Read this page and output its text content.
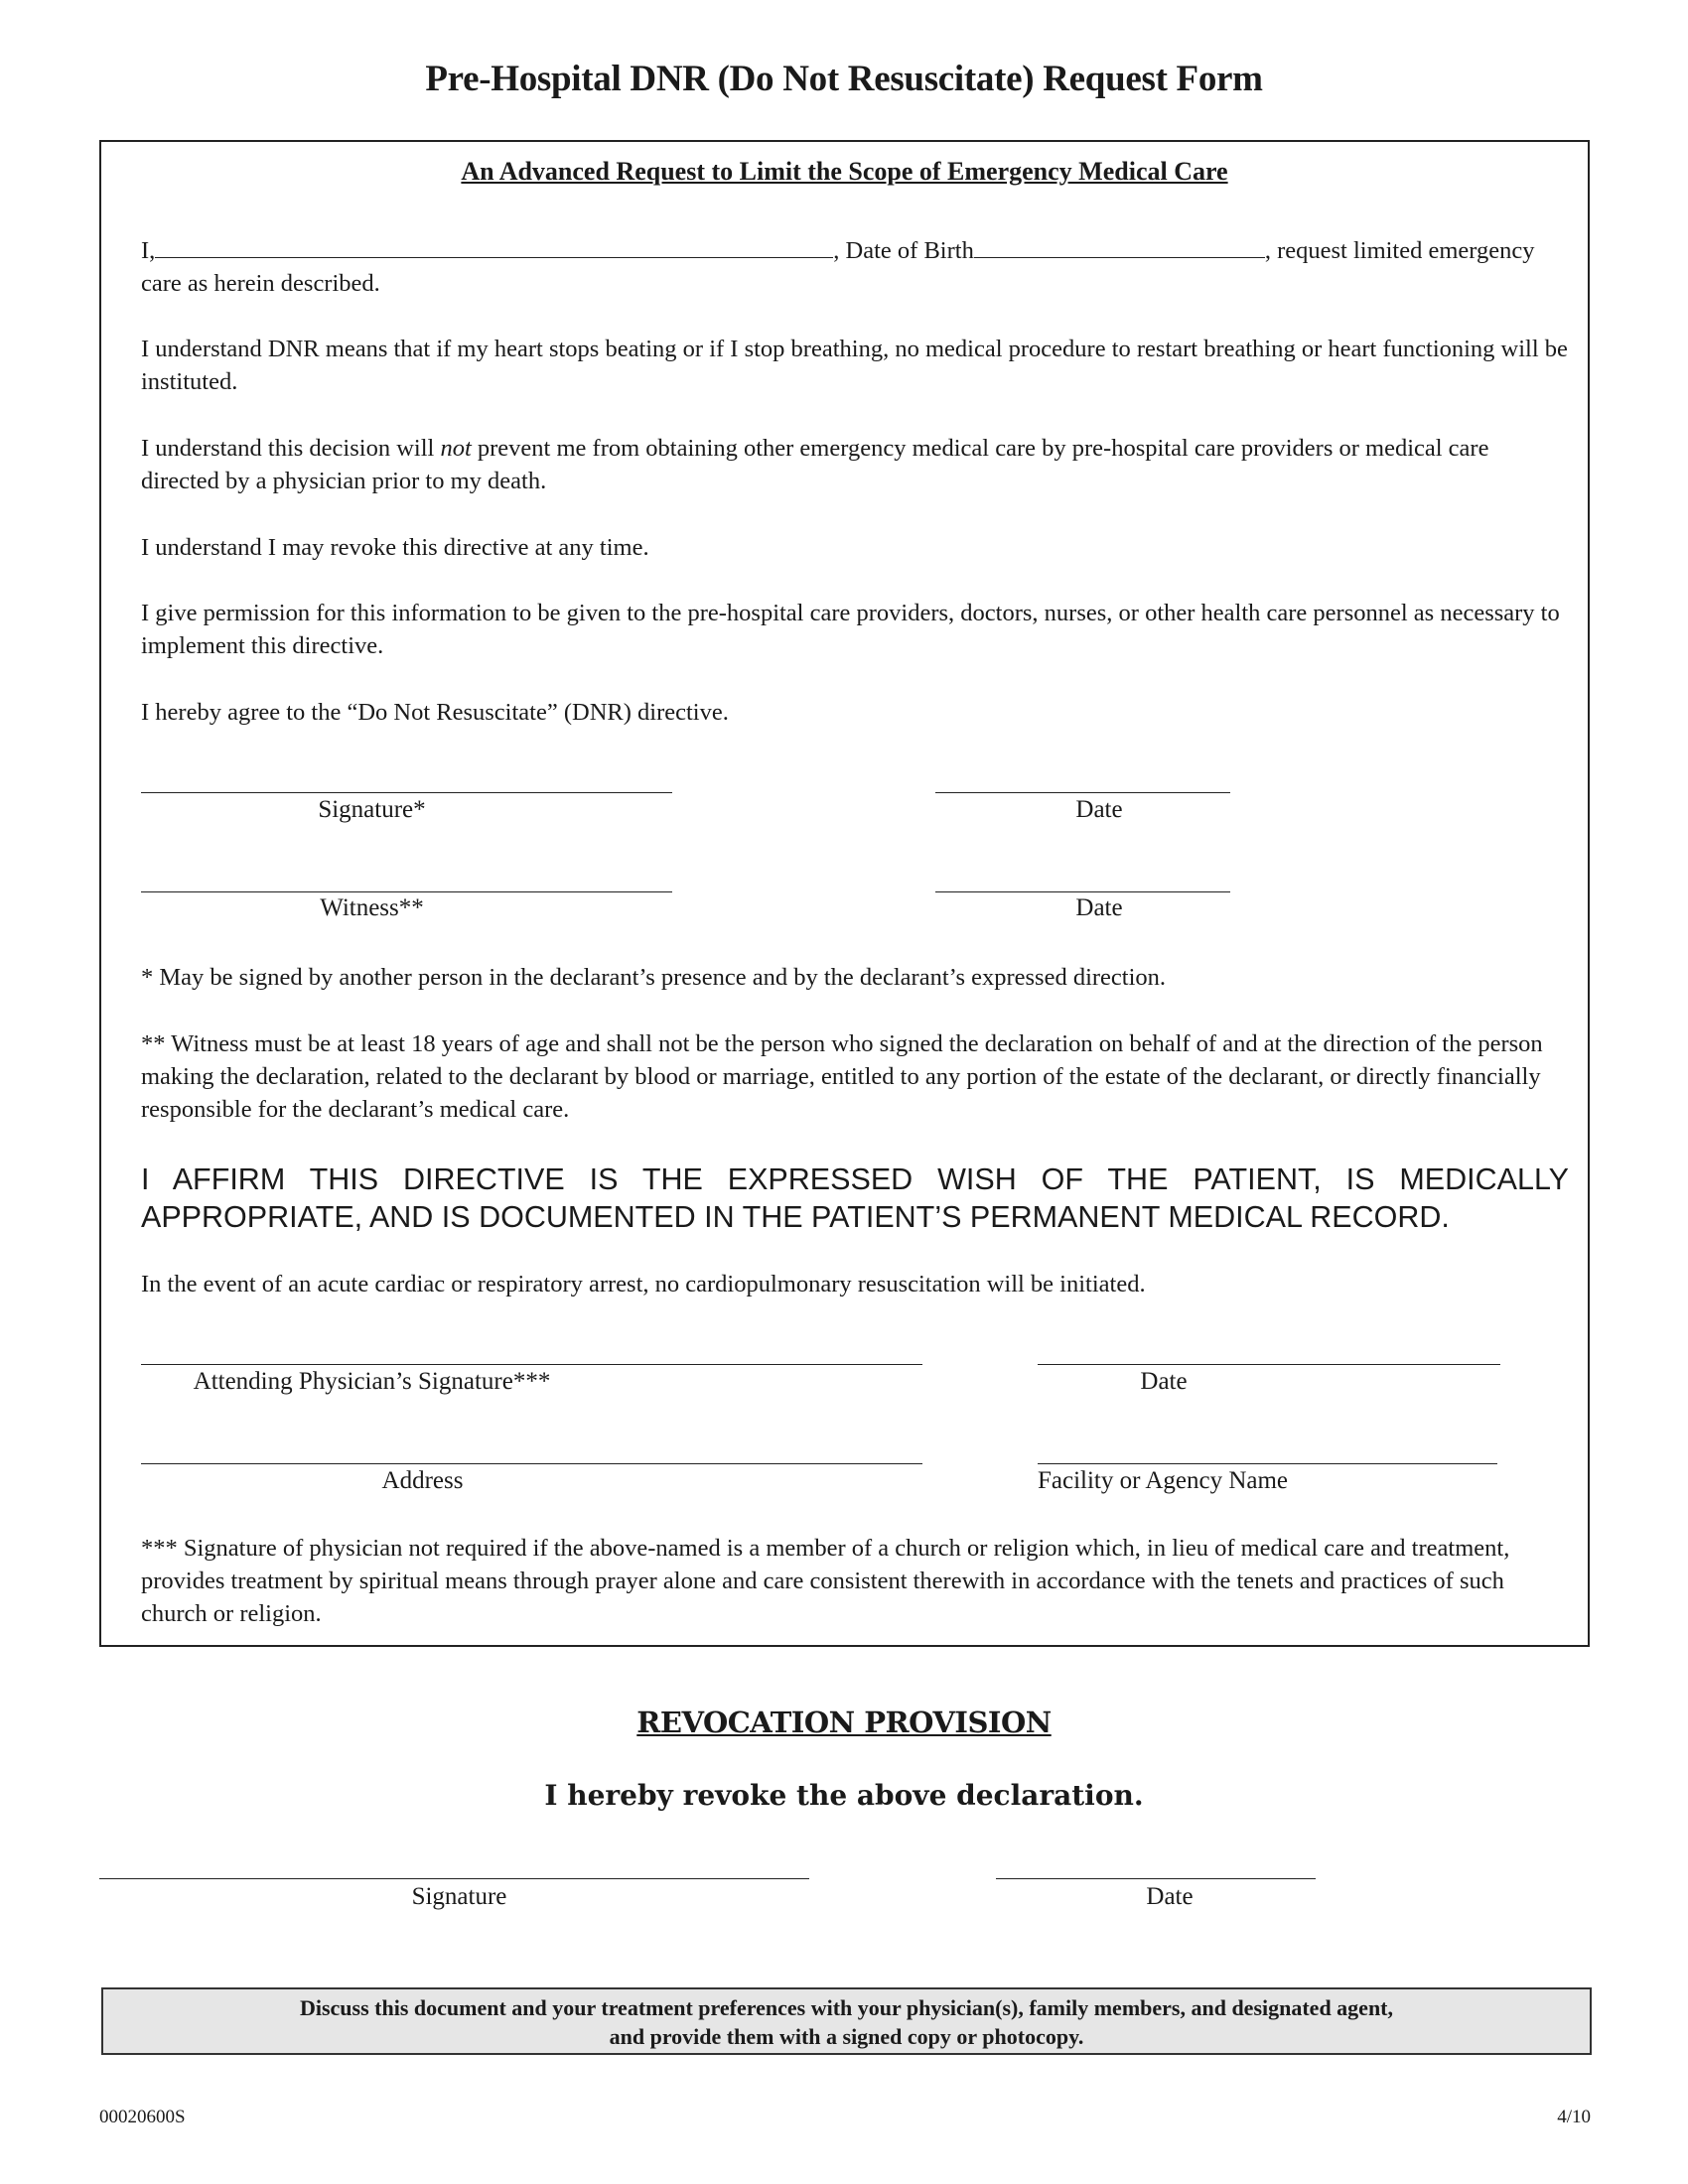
Pre-Hospital DNR (Do Not Resuscitate) Request Form
An Advanced Request to Limit the Scope of Emergency Medical Care
I,	, Date of Birth	, request limited emergency
care as herein described.
I understand DNR means that if my heart stops beating or if I stop breathing, no medical procedure to restart breathing or heart functioning will be instituted.
I understand this decision will not prevent me from obtaining other emergency medical care by pre-hospital care providers or medical care directed by a physician prior to my death.
I understand I may revoke this directive at any time.
I give permission for this information to be given to the pre-hospital care providers, doctors, nurses, or other health care personnel as necessary to implement this directive.
I hereby agree to the “Do Not Resuscitate” (DNR) directive.
Signature*	Date
Witness**	Date
* May be signed by another person in the declarant’s presence and by the declarant’s expressed direction.
** Witness must be at least 18 years of age and shall not be the person who signed the declaration on behalf of and at the direction of the person making the declaration, related to the declarant by blood or marriage, entitled to any portion of the estate of the declarant, or directly financially responsible for the declarant’s medical care.
I AFFIRM THIS DIRECTIVE IS THE EXPRESSED WISH OF THE PATIENT, IS MEDICALLY APPROPRIATE, AND IS DOCUMENTED IN THE PATIENT’S PERMANENT MEDICAL RECORD.
In the event of an acute cardiac or respiratory arrest, no cardiopulmonary resuscitation will be initiated.
Attending Physician’s Signature***	Date
Address	Facility or Agency Name
*** Signature of physician not required if the above-named is a member of a church or religion which, in lieu of medical care and treatment, provides treatment by spiritual means through prayer alone and care consistent therewith in accordance with the tenets and practices of such church or religion.
REVOCATION PROVISION
I hereby revoke the above declaration.
Signature	Date
Discuss this document and your treatment preferences with your physician(s), family members, and designated agent,
and provide them with a signed copy or photocopy.
00020600S	4/10
